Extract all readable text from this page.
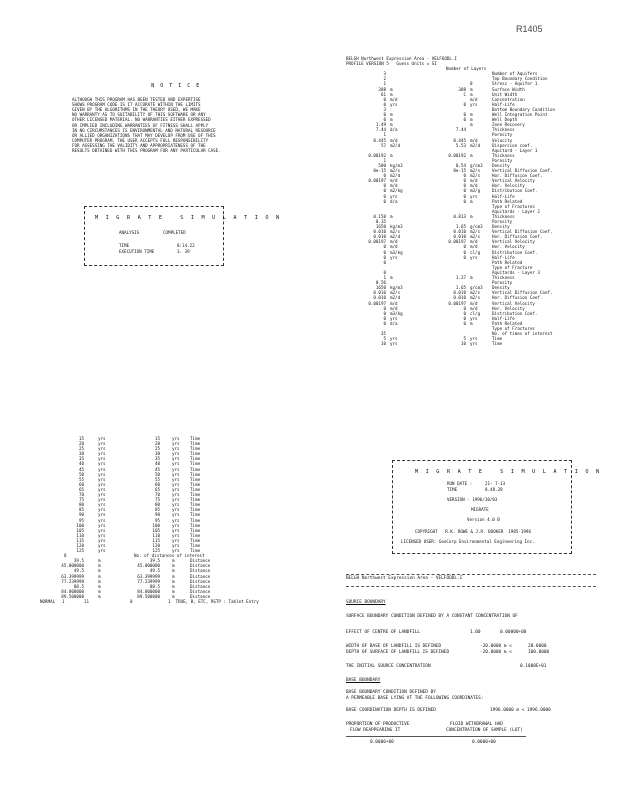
R1405
N O T I C E
ALTHOUGH THIS PROGRAM HAS BEEN TESTED AND EXPERTISE
SHOWS PROGRAM CODE IS IT ACCURATE WITHIN THE LIMITS
GIVEN BY THE ALGORITHMS IN THE THEORY USED, WE MAKE
NO WARRANTY AS TO SUITABILITY OF THIS SOFTWARE OR ANY
OTHER LICENSED MATERIAL. NO WARRANTIES EITHER EXPRESSED
OR IMPLIED INCLUDING WARRANTIES OF FITNESS SHALL APPLY
IN NO CIRCUMSTANCES IS ENVIRONMENTAL AND NATURAL RESOURCE
OR ALLIED ORGANIZATIONS THAT MAY DEVELOP FROM USE OF THIS
COMPUTER PROGRAM. THE USER ACCEPTS FULL RESPONSIBILITY
FOR ASSESSING THE VALIDITY AND APPROPRIATENESS OF THE
RESULTS OBTAINED WITH THIS PROGRAM FOR ANY PARTICULAR CASE.
M I G R A T E   S I M U L A T I O N
ANALYSIS	COMPLETED
TIME	8:14.22
EXECUTION TIME	3. 39
BELGH Northwest Expression Area - VELFOODL.I
PROFILE VERSION 5   Guess Units = SI
Number of Layers
3	Number of Aquifers
2	Top Boundary Condition
1	0	Stress - Aquifer 1
388 m	388 m	Surface Width
61 m	C m	Unit Width
0 m/d	m/d	Concentration
0 yrs	0 yrs	Half-Life
3	Bottom Boundary Condition
0 m	0 m	Well Integration Point
0 m	0 m	Well Depth
1.49 m	m	Zone Recovery
7.44 d/a	7.44	Thickness
1	Porosity
0.445 m/d	0.445 m/d	Velocity
57 m2/d	5.53 m2/d	Dispersion coef.
Aquitard - Layer 1
0.00192 m	0.00192 m	Thickness
1	Porosity
500 kg/m3	0.54 g/cm3 Density
0e-15 m2/s	8e-15 m2/s	Vertical Diffusion Coef.
0 m2/d	0 m2/s	Hor. Diffusion Coef.
0.00197 m/d	0 m/d	Vertical Velocity
0 m/d	0 m/d	Hor. Velocity
0 m2/kg	0 m3/g	Distribution Coef.
0 yrs	0 yrs	Half-Life
0 d/a	0 m	Path Related
Type of Fractures
Aquitards - Layer 2
0.150 m	0.813 m	Thickness
0.35	Porosity
1650 kg/m3	1.65 g/cm3 Density
0.010 m2/s	0.010 m2/s	Vertical Diffusion Coef.
0.010 m2/d	0.010 m2/s	Hor. Diffusion Coef.
0.00197 m/d	0.00197 m/d	Vertical Velocity
0 m/d	0 m/d	Hor. Velocity
0 m3/kg	0 cl/g	Distribution Coef.
0 yrs	0 yrs	Half-Life
0	Path Related
Type of Fracture
0	Aquitards - Layer 3
1 m	1.37 m	Thickness
0.56	Porosity
1650 kg/m3	1.65 g/cm3 Density
0.010 m2/s	0.010 m2/s	Vertical Diffusion Coef.
0.010 m2/d	0.010 m2/s	Hor. Diffusion Coef.
0.00197 m/d	0.00197 m/d	Vertical Velocity
0 m/d	0 m/d	Hor. Velocity
0 m3/kg	0 cl/g	Distribution Coef.
0 yrs	0 yrs	Half-Life
0 d/a	0 m	Path Related
Type of Fractures
35	No. of times of interest
5 yrs	5 yrs	Time
10 yrs	10 yrs	Time
15	yrs	15	yrs Time
20	yrs	20	yrs Time
25	yrs	25	yrs Time
30	yrs	30	yrs Time
35	yrs	35	yrs Time
40	yrs	40	yrs Time
45	yrs	45	yrs Time
50	yrs	50	yrs Time
55	yrs	55	yrs Time
60	yrs	60	yrs Time
65	yrs	65	yrs Time
70	yrs	70	yrs Time
75	yrs	75	yrs Time
80	yrs	80	yrs Time
85	yrs	85	yrs Time
90	yrs	90	yrs Time
95	yrs	95	yrs Time
100	yrs	100	yrs Time
105	yrs	105	yrs Time
110	yrs	110	yrs Time
115	yrs	115	yrs Time
120	yrs	120	yrs Time
125	yrs	125	yrs Time

8

	No. of distances of interest

39.5	m	39.5	m	Distance
45.000000	m	45.000000	m	Distance
49.5	m	49.5	m	Distance
63.399999	m	63.399999	m	Distance
77.239999	m	77.239999	m	Distance
80.5	m	80.5	m	Distance
84.000000	m	84.000000	m	Distance
89.500000	m	89.500000	m	Distance

NORMAL

1

	11

	0

	1  TRUE, B, ETC, RSTP : Tablet Entry

M I G R A T E   S I M U L A T I O N
RUN DATE :	21- 7-13
TIME	8.48.28
VERSION - 1996/10/03
MIGRATE
Version 4.0 B
COPYRIGHT   R.K. ROWE & J.R. BOOKER  1985-1996
LICENSED USER: GeoCorp Environmental Engineering Inc.
BELGH Northwest Expression Area - VELFOODL.I
SOURCE BOUNDARY
SURFACE BOUNDARY CONDITION DEFINED BY A CONSTANT CONCENTRATION OF
EFFECT OF CENTRE OF LANDFILL	1.00	0.00000+00
WIDTH OF BASE OF LANDFILL IS DEFINED	-20.0000 m <	20.0000
DEPTH OF SURFACE OF LANDFILL IS DEFINED	-20.0000 m <	100.0000
THE INITIAL SOURCE CONCENTRATION	0.1000E+01
BASE BOUNDARY
BASE BOUNDARY CONDITION DEFINED BY
A PERMEABLE BASE LYING AT THE FOLLOWING COORDINATES:
BASE COORDINATION DEPTH IS DEFINED	1996.0000 m < 1996.0000
PROPORTION OF PRODUCTIVE
FLOW REAPPEARING IT
FLOID WITHDRAWAL HAD
CONCENTRATION OF SAMPLE (LOT)
0.0000+00	0.0000+00
